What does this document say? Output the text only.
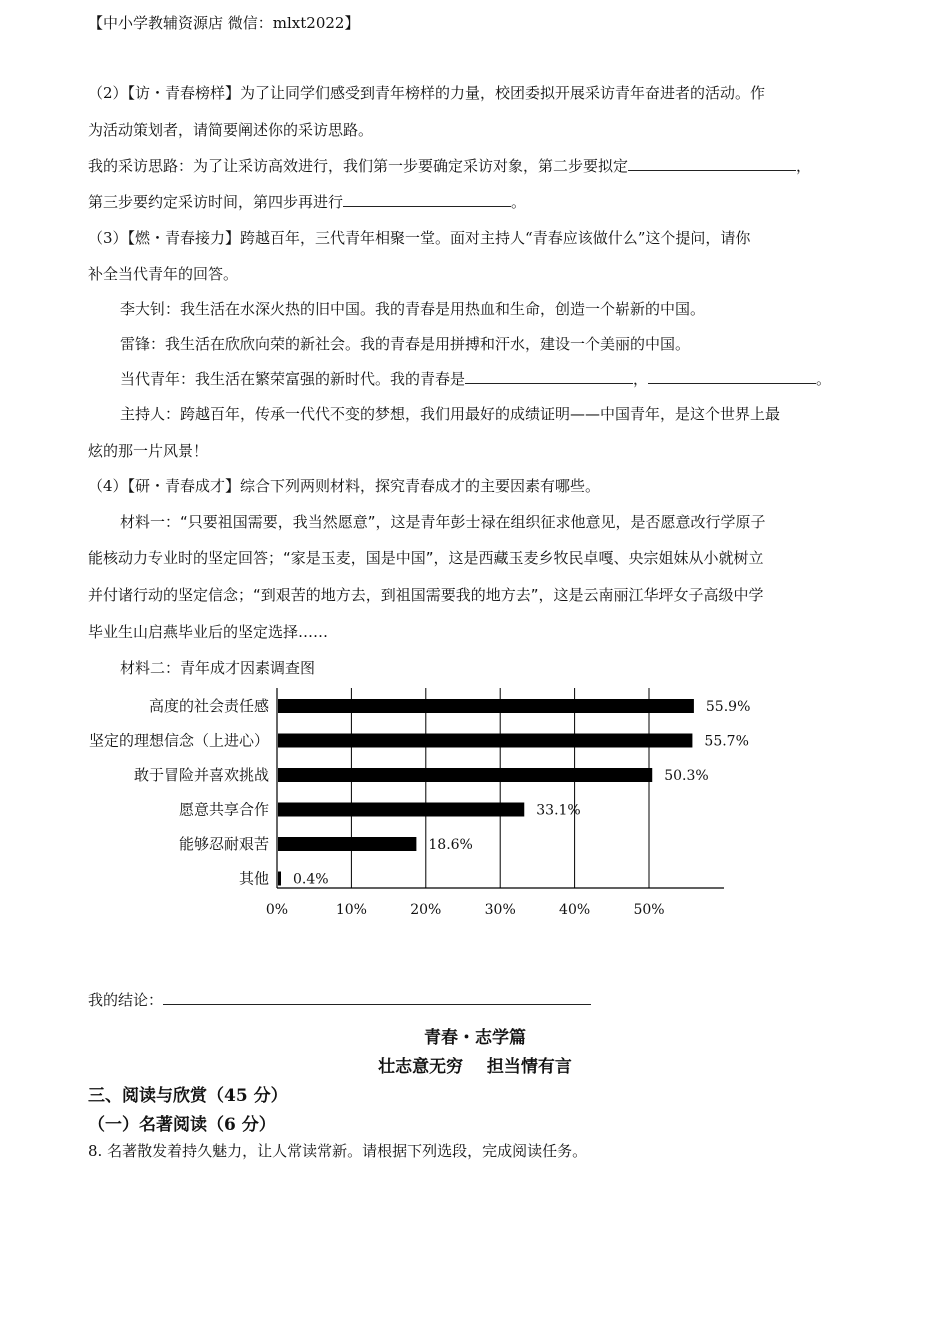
【中小学教辅资源店 微信：mlxt2022】
（2）【访・青春榜样】为了让同学们感受到青年榜样的力量，校团委拟开展采访青年奋进者的活动。作
为活动策划者，请简要阐述你的采访思路。
我的采访思路：为了让采访高效进行，我们第一步要确定采访对象，第二步要拟定	，
第三步要约定采访时间，第四步再进行	。
（3）【燃・青春接力】跨越百年，三代青年相聚一堂。面对主持人“青春应该做什么”这个提问，请你
补全当代青年的回答。
李大钊：我生活在水深火热的旧中国。我的青春是用热血和生命，创造一个崭新的中国。
雷锋：我生活在欣欣向荣的新社会。我的青春是用拼搏和汗水，建设一个美丽的中国。
当代青年：我生活在繁荣富强的新时代。我的青春是	，	。
主持人：跨越百年，传承一代代不变的梦想，我们用最好的成绩证明——中国青年，是这个世界上最
炫的那一片风景！
（4）【研・青春成才】综合下列两则材料，探究青春成才的主要因素有哪些。
材料一：“只要祖国需要，我当然愿意”，这是青年彭士禄在组织征求他意见，是否愿意改行学原子
能核动力专业时的坚定回答；“家是玉麦，国是中国”，这是西藏玉麦乡牧民卓嘎、央宗姐妹从小就树立
并付诸行动的坚定信念；“到艰苦的地方去，到祖国需要我的地方去”，这是云南丽江华坪女子高级中学
毕业生山启燕毕业后的坚定选择……
材料二：青年成才因素调查图
0%	10%	20%	30%	40%	50%
高度的社会责任感	55.9%
坚定的理想信念（上进心）	55.7%
敢于冒险并喜欢挑战	50.3%
愿意共享合作	33.1%
能够忍耐艰苦	18.6%
其他 0.4%
我的结论：
青春・志学篇
壮志意无穷    担当情有言
三、阅读与欣赏（45 分）
（一）名著阅读（6 分）
8. 名著散发着持久魅力，让人常读常新。请根据下列选段，完成阅读任务。
